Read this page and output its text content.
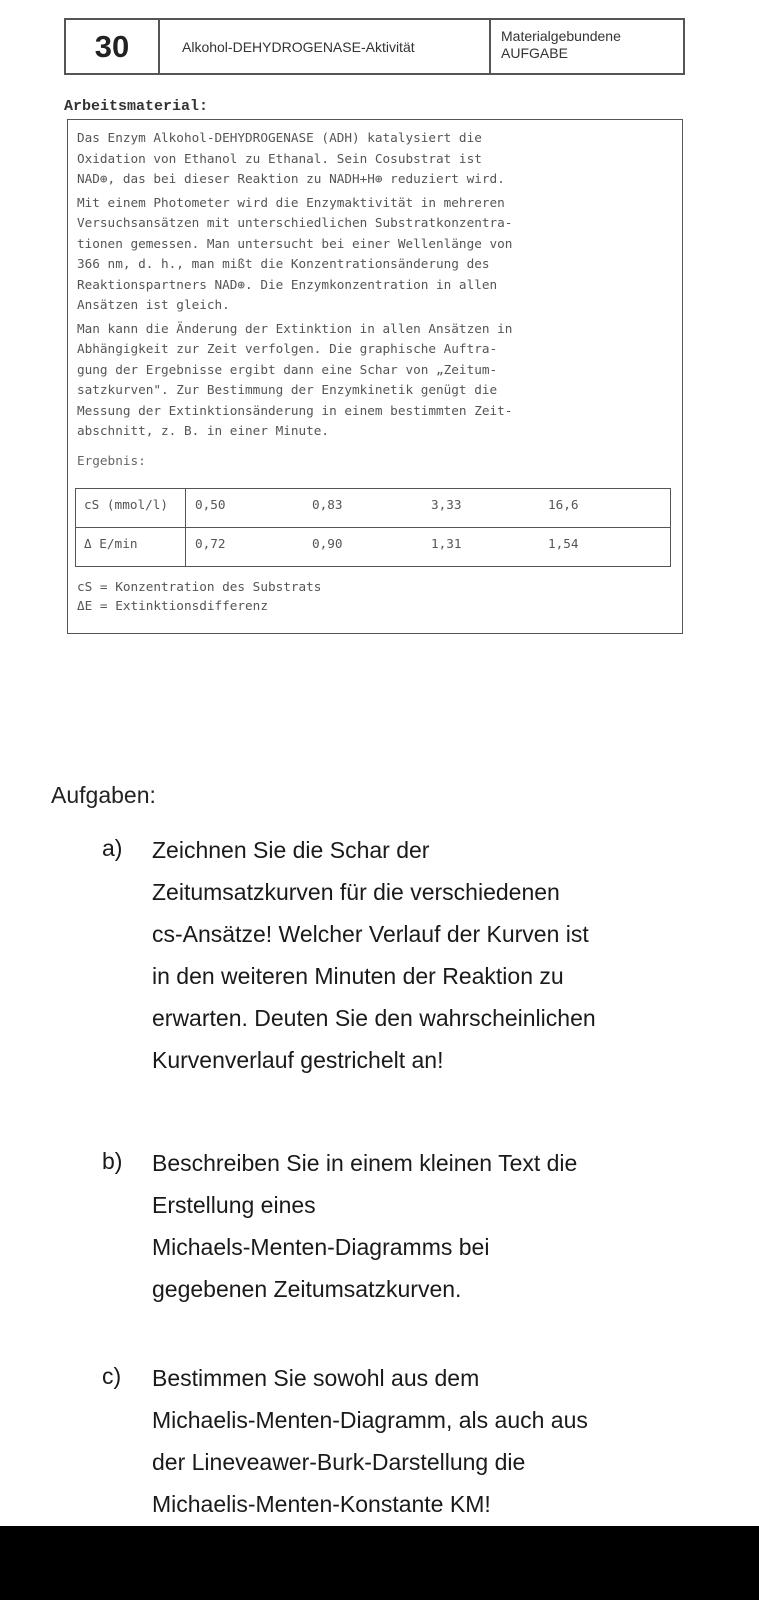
30	Alkohol-DEHYDROGENASE-Aktivität
Materialgebundene
AUFGABE
Arbeitsmaterial:
Das Enzym Alkohol-DEHYDROGENASE (ADH) katalysiert die
Oxidation von Ethanol zu Ethanal. Sein Cosubstrat ist
NAD⊕, das bei dieser Reaktion zu NADH+H⊕ reduziert wird.
Mit einem Photometer wird die Enzymaktivität in mehreren
Versuchsansätzen mit unterschiedlichen Substratkonzentra-
tionen gemessen. Man untersucht bei einer Wellenlänge von
366 nm, d. h., man mißt die Konzentrationsänderung des
Reaktionspartners NAD⊕. Die Enzymkonzentration in allen
Ansätzen ist gleich.
Man kann die Änderung der Extinktion in allen Ansätzen in
Abhängigkeit zur Zeit verfolgen. Die graphische Auftra-
gung der Ergebnisse ergibt dann eine Schar von „Zeitum-
satzkurven". Zur Bestimmung der Enzymkinetik genügt die
Messung der Extinktionsänderung in einem bestimmten Zeit-
abschnitt, z. B. in einer Minute.
Ergebnis:
cS (mmol/l)	0,50 0,83 3,33 16,6

Δ E/min	0,72 0,90 1,31 1,54
cS = Konzentration des Substrats
ΔE = Extinktionsdifferenz
Aufgaben:
a) Zeichnen Sie die Schar der
Zeitumsatzkurven für die verschiedenen
cs-Ansätze! Welcher Verlauf der Kurven ist
in den weiteren Minuten der Reaktion zu
erwarten. Deuten Sie den wahrscheinlichen
Kurvenverlauf gestrichelt an!
b) Beschreiben Sie in einem kleinen Text die
Erstellung eines
Michaels-Menten-Diagramms bei
gegebenen Zeitumsatzkurven.
c) Bestimmen Sie sowohl aus dem
Michaelis-Menten-Diagramm, als auch aus
der Lineveawer-Burk-Darstellung die
Michaelis-Menten-Konstante KM!
